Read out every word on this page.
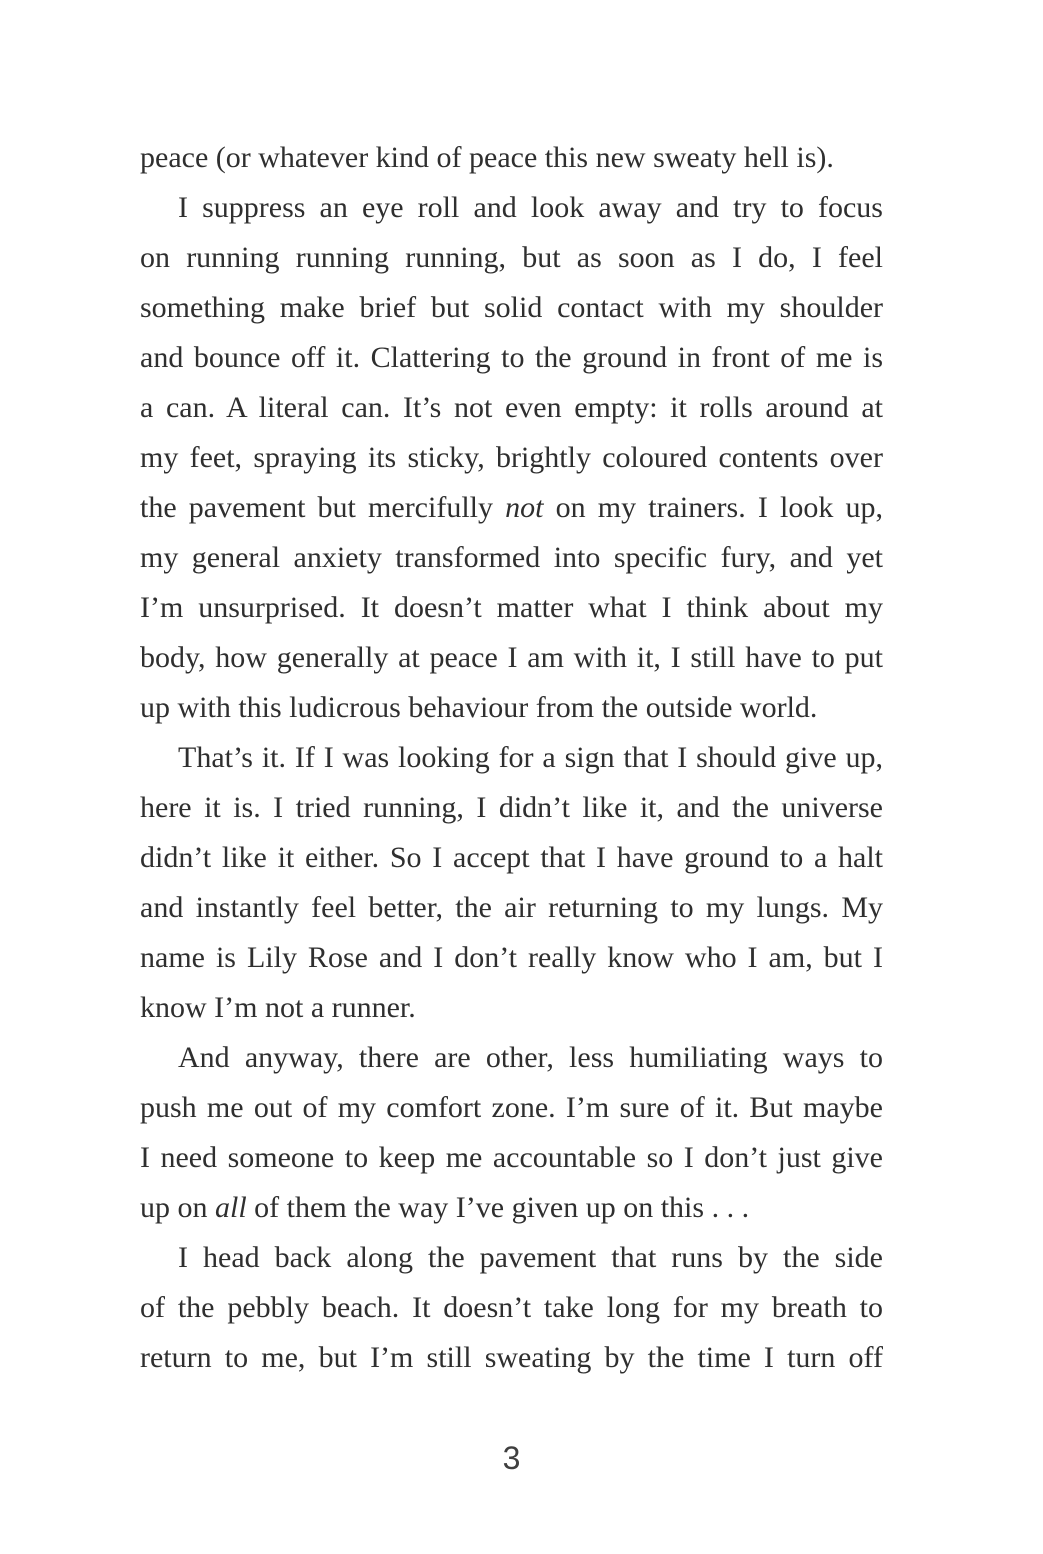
peace (or whatever kind of peace this new sweaty hell is).
I suppress an eye roll and look away and try to focus
on running running running, but as soon as I do, I feel
something make brief but solid contact with my shoulder
and bounce off it. Clattering to the ground in front of me is
a can. A literal can. It’s not even empty: it rolls around at
my feet, spraying its sticky, brightly coloured contents over
the pavement but mercifully not on my trainers. I look up,
my general anxiety transformed into specific fury, and yet
I’m unsurprised. It doesn’t matter what I think about my
body, how generally at peace I am with it, I still have to put
up with this ludicrous behaviour from the outside world.
That’s it. If I was looking for a sign that I should give up,
here it is. I tried running, I didn’t like it, and the universe
didn’t like it either. So I accept that I have ground to a halt
and instantly feel better, the air returning to my lungs. My
name is Lily Rose and I don’t really know who I am, but I
know I’m not a runner.
And anyway, there are other, less humiliating ways to
push me out of my comfort zone. I’m sure of it. But maybe
I need someone to keep me accountable so I don’t just give
up on all of them the way I’ve given up on this . . .
I head back along the pavement that runs by the side
of the pebbly beach. It doesn’t take long for my breath to
return to me, but I’m still sweating by the time I turn off
3
